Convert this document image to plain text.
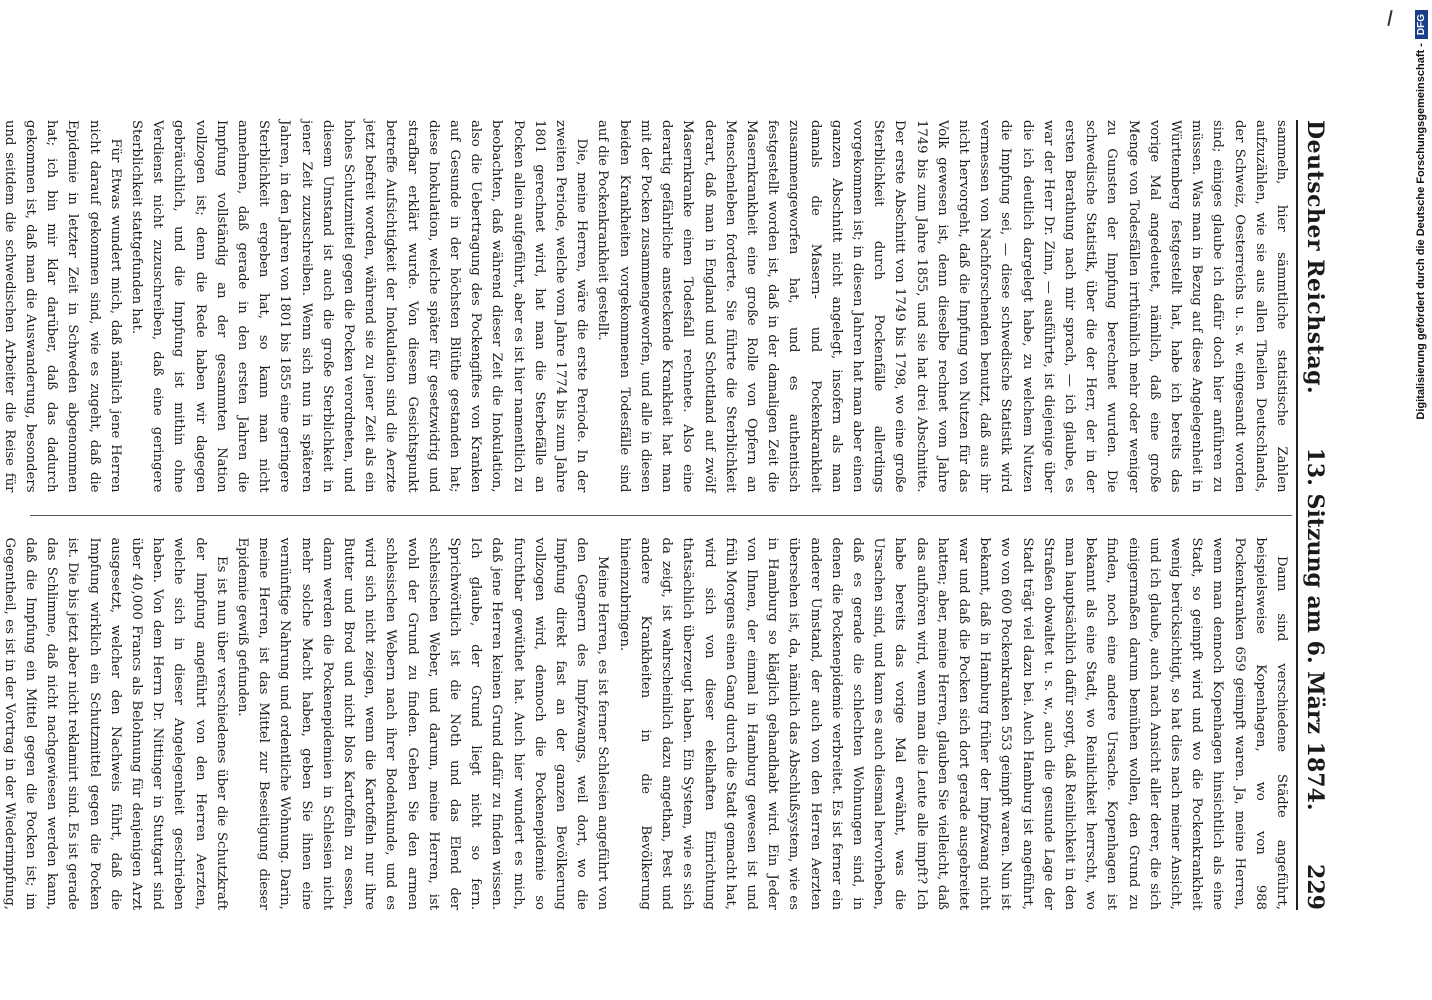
Deutscher Reichstag.
13. Sitzung am 6. März 1874.
229

sammeln, hier sämmtliche statistische Zahlen aufzuzählen, wie sie aus allen Theilen Deutschlands, der Schweiz, Oesterreichs u. s. w. eingesandt worden sind; einiges glaube ich dafür doch hier anführen zu müssen. Was man in Bezug auf diese Angelegenheit in Württemberg festgestellt hat, habe ich bereits das vorige Mal angedeutet, nämlich, daß eine große Menge von Todesfällen irrthümlich mehr oder weniger zu Gunsten der Impfung berechnet wurden. Die schwedische Statistik, über die der Herr, der in der ersten Berathung nach mir sprach, — ich glaube, es war der Herr Dr. Zinn, — ausführte, ist diejenige über die ich deutlich dargelegt habe, zu welchem Nutzen die Impfung sei, — diese schwedische Statistik wird vermessen von Nachforschenden benutzt, daß aus ihr nicht hervorgeht, daß die Impfung von Nutzen für das Volk gewesen ist, denn dieselbe rechnet vom Jahre 1749 bis zum Jahre 1855, und sie hat drei Abschnitte. Der erste Abschnitt von 1749 bis 1798, wo eine große Sterblichkeit durch Pockenfälle allerdings vorgekommen ist; in diesen Jahren hat man aber einen ganzen Abschnitt nicht angelegt, insofern als man damals die Masern- und Pockenkrankheit zusammengeworfen hat, und es authentisch festgestellt worden ist, daß in der damaligen Zeit die Masernkrankheit eine große Rolle von Opfern an Menschenleben forderte. Sie führte die Sterblichkeit derart, daß man in England und Schottland auf zwölf Masernkranke einen Todesfall rechnete. Also eine derartig gefährliche ansteckende Krankheit hat man mit der Pocken zusammengeworfen, und alle in diesen beiden Krankheiten vorgekommenen Todesfälle sind auf die Pockenkrankheit gestellt.

Die, meine Herren, wäre die erste Periode. In der zweiten Periode, welche vom Jahre 1774 bis zum Jahre 1801 gerechnet wird, hat man die Sterbefälle an Pocken allein aufgeführt, aber es ist hier namentlich zu beobachten, daß während dieser Zeit die Inokulation, also die Uebertragung des Pockengiftes von Kranken auf Gesunde in der höchsten Blüthe gestanden hat; diese Inokulation, welche später für gesetzwidrig und strafbar erklärt wurde. Von diesem Gesichtspunkt betreffe Aufsichtigkeit der Inokulation sind die Aerzte jetzt befreit worden, während sie zu jener Zeit als ein hohes Schutzmittel gegen die Pocken verordneten, und diesem Umstand ist auch die große Sterblichkeit in jener Zeit zuzuschreiben. Wenn sich nun in späteren Jahren, in den Jahren von 1801 bis 1855 eine geringere Sterblichkeit ergeben hat, so kann man nicht annehmen, daß gerade in den ersten Jahren die Impfung vollständig an der gesammten Nation vollzogen ist; denn die Rede haben wir dagegen gebräuchlich, und die Impfung ist mithin ohne Verdienst nicht zuzuschreiben, daß eine geringere Sterblichkeit stattgefunden hat.

Für Etwas wundert mich, daß nämlich jene Herren nicht darauf gekommen sind, wie es zugeht, daß die Epidemie in letzter Zeit in Schweden abgenommen hat; ich bin mir klar darüber, daß das dadurch gekommen ist, daß man die Auswanderung, besonders und seitdem die schwedischen Arbeiter die Reise für

Dann sind verschiedene Städte angeführt, beispielsweise Kopenhagen, wo von 988 Pockenkranken 659 geimpft waren. Ja, meine Herren, wenn man dennoch Kopenhagen hinsichtlich als eine Stadt, so geimpft wird und wo die Pockenkrankheit wenig berücksichtigt, so hat dies nach meiner Ansicht, und ich glaube, auch nach Ansicht aller derer, die sich einigermaßen darum bemühen wollen, den Grund zu finden, noch eine andere Ursache. Kopenhagen ist bekannt als eine Stadt, wo Reinlichkeit herrscht, wo man hauptsächlich dafür sorgt, daß Reinlichkeit in den Straßen obwaltet u. s. w., auch die gesunde Lage der Stadt trägt viel dazu bei. Auch Hamburg ist angeführt, wo von 600 Pockenkranken 553 geimpft waren. Nun ist bekannt, daß in Hamburg früher der Impfzwang nicht war und daß die Pocken sich dort gerade ausgebreitet hatten; aber, meine Herren, glauben Sie vielleicht, daß das aufhören wird, wenn man die Leute alle impft? Ich habe bereits das vorige Mal erwähnt, was die Ursachen sind, und kann es auch diesmal hervorheben, daß es gerade die schlechten Wohnungen sind, in denen die Pockenepidemie verbreitet. Es ist ferner ein anderer Umstand, der auch von den Herren Aerzten übersehen ist, da, nämlich das Abschlußsystem, wie es in Hamburg so kläglich gehandhabt wird. Ein Jeder von Ihnen, der einmal in Hamburg gewesen ist und früh Morgens einen Gang durch die Stadt gemacht hat, wird sich von dieser ekelhaften Einrichtung thatsächlich überzeugt haben. Ein System, wie es sich da zeigt, ist wahrscheinlich dazu angethan, Pest und andere Krankheiten in die Bevölkerung hineinzubringen.

Meine Herren, es ist ferner Schlesien angeführt von den Gegnern des Impfzwangs, weil dort, wo die Impfung direkt fast an der ganzen Bevölkerung vollzogen wird, dennoch die Pockenepidemie so furchtbar gewüthet hat. Auch hier wundert es mich, daß jene Herren keinen Grund dafür zu finden wissen. Ich glaube, der Grund liegt nicht so fern. Sprichwörtlich ist die Noth und das Elend der schlesischen Weber, und darum, meine Herren, ist wohl der Grund zu finden. Geben Sie den armen schlesischen Webern nach ihrer Bodenkunde, und es wird sich nicht zeigen, wenn die Kartoffeln nur ihre Butter und Brod und nicht blos Kartoffeln zu essen, dann werden die Pockenepidemien in Schlesien nicht mehr solche Macht haben, geben Sie ihnen eine vernünftige Nahrung und ordentliche Wohnung. Darin, meine Herren, ist das Mittel zur Beseitigung dieser Epidemie gewiß gefunden.

Es ist nun über verschiedenes über die Schutzkraft der Impfung angeführt von den Herren Aerzten, welche sich in dieser Angelegenheit geschrieben haben. Von dem Herrn Dr. Nittinger in Stuttgart sind über 40,000 Francs als Belohnung für denjenigen Arzt ausgesetzt, welcher den Nachweis führt, daß die Impfung wirklich ein Schutzmittel gegen die Pocken ist. Die bis jetzt aber nicht reklamirt sind. Es ist gerade das Schlimme, daß nicht nachgewiesen werden kann, daß die Impfung ein Mittel gegen die Pocken ist; im Gegentheil, es ist in der Vortrag in der Wiederimpfung,

Digitalisierung gefördert durch die Deutsche Forschungsgemeinschaft -
DFG
